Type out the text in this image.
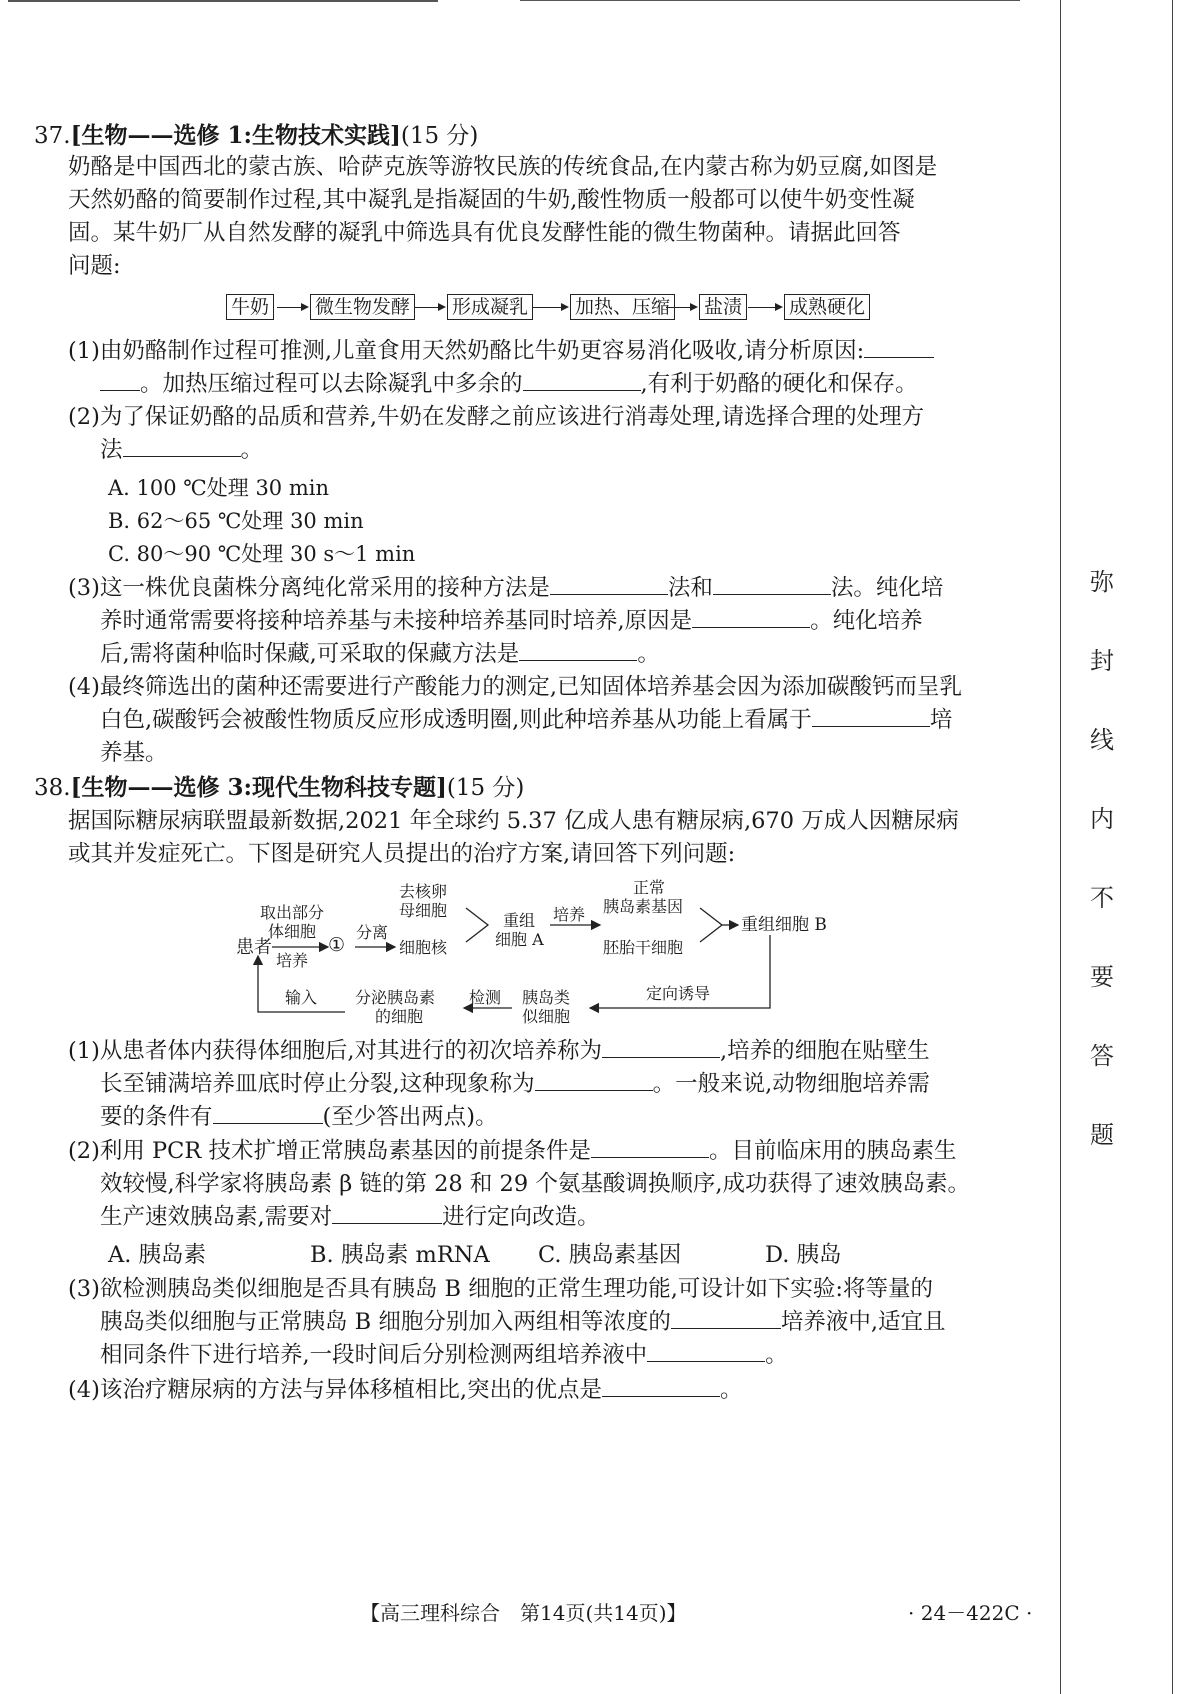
弥
封
线
内
不
要
答
题
37.[生物——选修 1:生物技术实践](15 分)
奶酪是中国西北的蒙古族、哈萨克族等游牧民族的传统食品,在内蒙古称为奶豆腐,如图是
天然奶酪的简要制作过程,其中凝乳是指凝固的牛奶,酸性物质一般都可以使牛奶变性凝
固。某牛奶厂从自然发酵的凝乳中筛选具有优良发酵性能的微生物菌种。请据此回答
问题:
牛奶 微生物发酵 形成凝乳 加热、压缩 盐渍 成熟硬化
(1)由奶酪制作过程可推测,儿童食用天然奶酪比牛奶更容易消化吸收,请分析原因:
。加热压缩过程可以去除凝乳中多余的	,有利于奶酪的硬化和保存。
(2)为了保证奶酪的品质和营养,牛奶在发酵之前应该进行消毒处理,请选择合理的处理方
法	。
A. 100 ℃处理 30 min
B. 62～65 ℃处理 30 min
C. 80～90 ℃处理 30 s～1 min
(3)这一株优良菌株分离纯化常采用的接种方法是	法和	法。纯化培
养时通常需要将接种培养基与未接种培养基同时培养,原因是	。纯化培养
后,需将菌种临时保藏,可采取的保藏方法是	。
(4)最终筛选出的菌种还需要进行产酸能力的测定,已知固体培养基会因为添加碳酸钙而呈乳
白色,碳酸钙会被酸性物质反应形成透明圈,则此种培养基从功能上看属于	培
养基。
38.[生物——选修 3:现代生物科技专题](15 分)
据国际糖尿病联盟最新数据,2021 年全球约 5.37 亿成人患有糖尿病,670 万成人因糖尿病
或其并发症死亡。下图是研究人员提出的治疗方案,请回答下列问题:
患者
取出部分
体细胞
培养
①
分离
去核卵
母细胞
细胞核
重组
细胞 A
培养
正常
胰岛素基因
胚胎干细胞
重组细胞 B
定向诱导
胰岛类
似细胞
检测
分泌胰岛素
的细胞
输入
(1)从患者体内获得体细胞后,对其进行的初次培养称为	,培养的细胞在贴壁生
长至铺满培养皿底时停止分裂,这种现象称为	。一般来说,动物细胞培养需
要的条件有	(至少答出两点)。
(2)利用 PCR 技术扩增正常胰岛素基因的前提条件是	。目前临床用的胰岛素生
效较慢,科学家将胰岛素 β 链的第 28 和 29 个氨基酸调换顺序,成功获得了速效胰岛素。
生产速效胰岛素,需要对	进行定向改造。
A. 胰岛素	B. 胰岛素 mRNA	C. 胰岛素基因	D. 胰岛
(3)欲检测胰岛类似细胞是否具有胰岛 B 细胞的正常生理功能,可设计如下实验:将等量的
胰岛类似细胞与正常胰岛 B 细胞分别加入两组相等浓度的	培养液中,适宜且
相同条件下进行培养,一段时间后分别检测两组培养液中	。
(4)该治疗糖尿病的方法与异体移植相比,突出的优点是	。
【高三理科综合　第14页(共14页)】	· 24－422C ·
